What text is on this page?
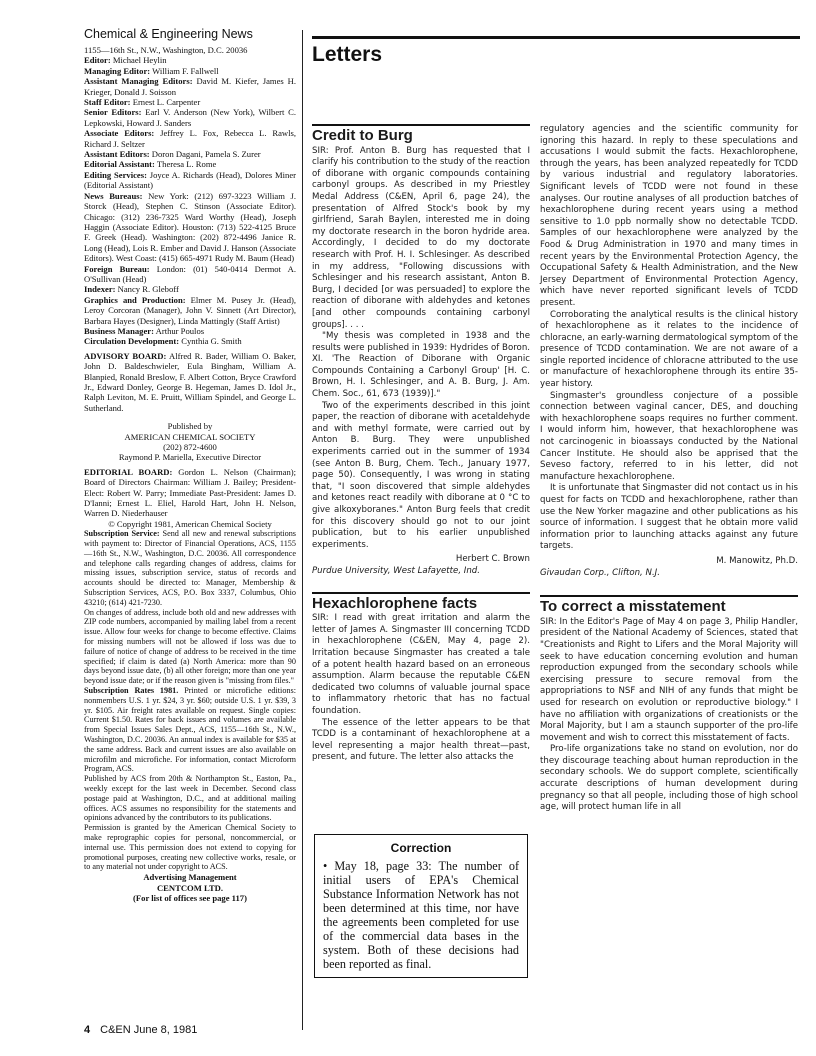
Chemical & Engineering News

1155—16th St., N.W., Washington, D.C. 20036

Editor: Michael Heylin

Managing Editor: William F. Fallwell

Assistant Managing Editors: David M. Kiefer, James H. Krieger, Donald J. Soisson

Staff Editor: Ernest L. Carpenter

Senior Editors: Earl V. Anderson (New York), Wilbert C. Lepkowski, Howard J. Sanders

Associate Editors: Jeffrey L. Fox, Rebecca L. Rawls, Richard J. Seltzer

Assistant Editors: Doron Dagani, Pamela S. Zurer

Editorial Assistant: Theresa L. Rome

Editing Services: Joyce A. Richards (Head), Dolores Miner (Editorial Assistant)

News Bureaus: New York: (212) 697-3223 William J. Storck (Head), Stephen C. Stinson (Associate Editor). Chicago: (312) 236-7325 Ward Worthy (Head), Joseph Haggin (Associate Editor). Houston: (713) 522-4125 Bruce F. Greek (Head). Washington: (202) 872-4496 Janice R. Long (Head), Lois R. Ember and David J. Hanson (Associate Editors). West Coast: (415) 665-4971 Rudy M. Baum (Head)

Foreign Bureau: London: (01) 540-0414 Dermot A. O'Sullivan (Head)

Indexer: Nancy R. Gleboff

Graphics and Production: Elmer M. Pusey Jr. (Head), Leroy Corcoran (Manager), John V. Sinnett (Art Director), Barbara Hayes (Designer), Linda Mattingly (Staff Artist)

Business Manager: Arthur Poulos

Circulation Development: Cynthia G. Smith

ADVISORY BOARD: Alfred R. Bader, William O. Baker, John D. Baldeschwieler, Eula Bingham, William A. Blanpied, Ronald Breslow, F. Albert Cotton, Bryce Crawford Jr., Edward Donley, George B. Hegeman, James D. Idol Jr., Ralph Leviton, M. E. Pruitt, William Spindel, and George L. Sutherland.

Published by

AMERICAN CHEMICAL SOCIETY

(202) 872-4600

Raymond P. Mariella, Executive Director

EDITORIAL BOARD: Gordon L. Nelson (Chairman); Board of Directors Chairman: William J. Bailey; President-Elect: Robert W. Parry; Immediate Past-President: James D. D'Ianni; Ernest L. Eliel, Harold Hart, John H. Nelson, Warren D. Niederhauser

© Copyright 1981, American Chemical Society

Subscription Service: Send all new and renewal subscriptions with payment to: Director of Financial Operations, ACS, 1155—16th St., N.W., Washington, D.C. 20036. All correspondence and telephone calls regarding changes of address, claims for missing issues, subscription service, status of records and accounts should be directed to: Manager, Membership & Subscription Services, ACS, P.O. Box 3337, Columbus, Ohio 43210; (614) 421-7230.

On changes of address, include both old and new addresses with ZIP code numbers, accompanied by mailing label from a recent issue. Allow four weeks for change to become effective. Claims for missing numbers will not be allowed if loss was due to failure of notice of change of address to be received in the time specified; if claim is dated (a) North America: more than 90 days beyond issue date, (b) all other foreign; more than one year beyond issue date; or if the reason given is "missing from files."

Subscription Rates 1981. Printed or microfiche editions: nonmembers U.S. 1 yr. $24, 3 yr. $60; outside U.S. 1 yr. $39, 3 yr. $105. Air freight rates available on request. Single copies: Current $1.50. Rates for back issues and volumes are available from Special Issues Sales Dept., ACS, 1155—16th St., N.W., Washington, D.C. 20036. An annual index is available for $35 at the same address. Back and current issues are also available on microfilm and microfiche. For information, contact Microform Program, ACS.

Published by ACS from 20th & Northampton St., Easton, Pa., weekly except for the last week in December. Second class postage paid at Washington, D.C., and at additional mailing offices. ACS assumes no responsibility for the statements and opinions advanced by the contributors to its publications.

Permission is granted by the American Chemical Society to make reprographic copies for personal, noncommercial, or internal use. This permission does not extend to copying for promotional purposes, creating new collective works, resale, or to any material not under copyright to ACS.

Advertising Management

CENTCOM LTD.

(For list of offices see page 117)

Letters
Credit to Burg

SIR: Prof. Anton B. Burg has requested that I clarify his contribution to the study of the reaction of diborane with organic compounds containing carbonyl groups. As described in my Priestley Medal Address (C&EN, April 6, page 24), the presentation of Alfred Stock's book by my girlfriend, Sarah Baylen, interested me in doing my doctorate research in the boron hydride area. Accordingly, I decided to do my doctorate research with Prof. H. I. Schlesinger. As described in my address, "Following discussions with Schlesinger and his research assistant, Anton B. Burg, I decided [or was persuaded] to explore the reaction of diborane with aldehydes and ketones [and other compounds containing carbonyl groups]. . . .

"My thesis was completed in 1938 and the results were published in 1939: Hydrides of Boron. XI. 'The Reaction of Diborane with Organic Compounds Containing a Carbonyl Group' [H. C. Brown, H. I. Schlesinger, and A. B. Burg, J. Am. Chem. Soc., 61, 673 (1939)]."

Two of the experiments described in this joint paper, the reaction of diborane with acetaldehyde and with methyl formate, were carried out by Anton B. Burg. They were unpublished experiments carried out in the summer of 1934 (see Anton B. Burg, Chem. Tech., January 1977, page 50). Consequently, I was wrong in stating that, "I soon discovered that simple aldehydes and ketones react readily with diborane at 0 °C to give alkoxyboranes." Anton Burg feels that credit for this discovery should go not to our joint publication, but to his earlier unpublished experiments.

Herbert C. Brown

Purdue University, West Lafayette, Ind.

Hexachlorophene facts

SIR: I read with great irritation and alarm the letter of James A. Singmaster III concerning TCDD in hexachlorophene (C&EN, May 4, page 2). Irritation because Singmaster has created a tale of a potent health hazard based on an erroneous assumption. Alarm because the reputable C&EN dedicated two columns of valuable journal space to inflammatory rhetoric that has no factual foundation.

The essence of the letter appears to be that TCDD is a contaminant of hexachlorophene at a level representing a major health threat—past, present, and future. The letter also attacks the

Correction

• May 18, page 33: The number of initial users of EPA's Chemical Substance Information Network has not been determined at this time, nor have the agreements been completed for use of the commercial data bases in the system. Both of these decisions had been reported as final.

regulatory agencies and the scientific community for ignoring this hazard. In reply to these speculations and accusations I would submit the facts. Hexachlorophene, through the years, has been analyzed repeatedly for TCDD by various industrial and regulatory laboratories. Significant levels of TCDD were not found in these analyses. Our routine analyses of all production batches of hexachlorophene during recent years using a method sensitive to 1.0 ppb normally show no detectable TCDD. Samples of our hexachlorophene were analyzed by the Food & Drug Administration in 1970 and many times in recent years by the Environmental Protection Agency, the Occupational Safety & Health Administration, and the New Jersey Department of Environmental Protection Agency, which have never reported significant levels of TCDD present.

Corroborating the analytical results is the clinical history of hexachlorophene as it relates to the incidence of chloracne, an early-warning dermatological symptom of the presence of TCDD contamination. We are not aware of a single reported incidence of chloracne attributed to the use or manufacture of hexachlorophene through its entire 35-year history.

Singmaster's groundless conjecture of a possible connection between vaginal cancer, DES, and douching with hexachlorophene soaps requires no further comment. I would inform him, however, that hexachlorophene was not carcinogenic in bioassays conducted by the National Cancer Institute. He should also be apprised that the Seveso factory, referred to in his letter, did not manufacture hexachlorophene.

It is unfortunate that Singmaster did not contact us in his quest for facts on TCDD and hexachlorophene, rather than use the New Yorker magazine and other publications as his source of information. I suggest that he obtain more valid information prior to launching attacks against any future targets.

M. Manowitz, Ph.D.

Givaudan Corp., Clifton, N.J.

To correct a misstatement

SIR: In the Editor's Page of May 4 on page 3, Philip Handler, president of the National Academy of Sciences, stated that "Creationists and Right to Lifers and the Moral Majority will seek to have education concerning evolution and human reproduction expunged from the secondary schools while exercising pressure to secure removal from the appropriations to NSF and NIH of any funds that might be used for research on evolution or reproductive biology." I have no affiliation with organizations of creationists or the Moral Majority, but I am a staunch supporter of the pro-life movement and wish to correct this misstatement of facts.

Pro-life organizations take no stand on evolution, nor do they discourage teaching about human reproduction in the secondary schools. We do support complete, scientifically accurate descriptions of human development during pregnancy so that all people, including those of high school age, will protect human life in all

4 C&EN June 8, 1981
